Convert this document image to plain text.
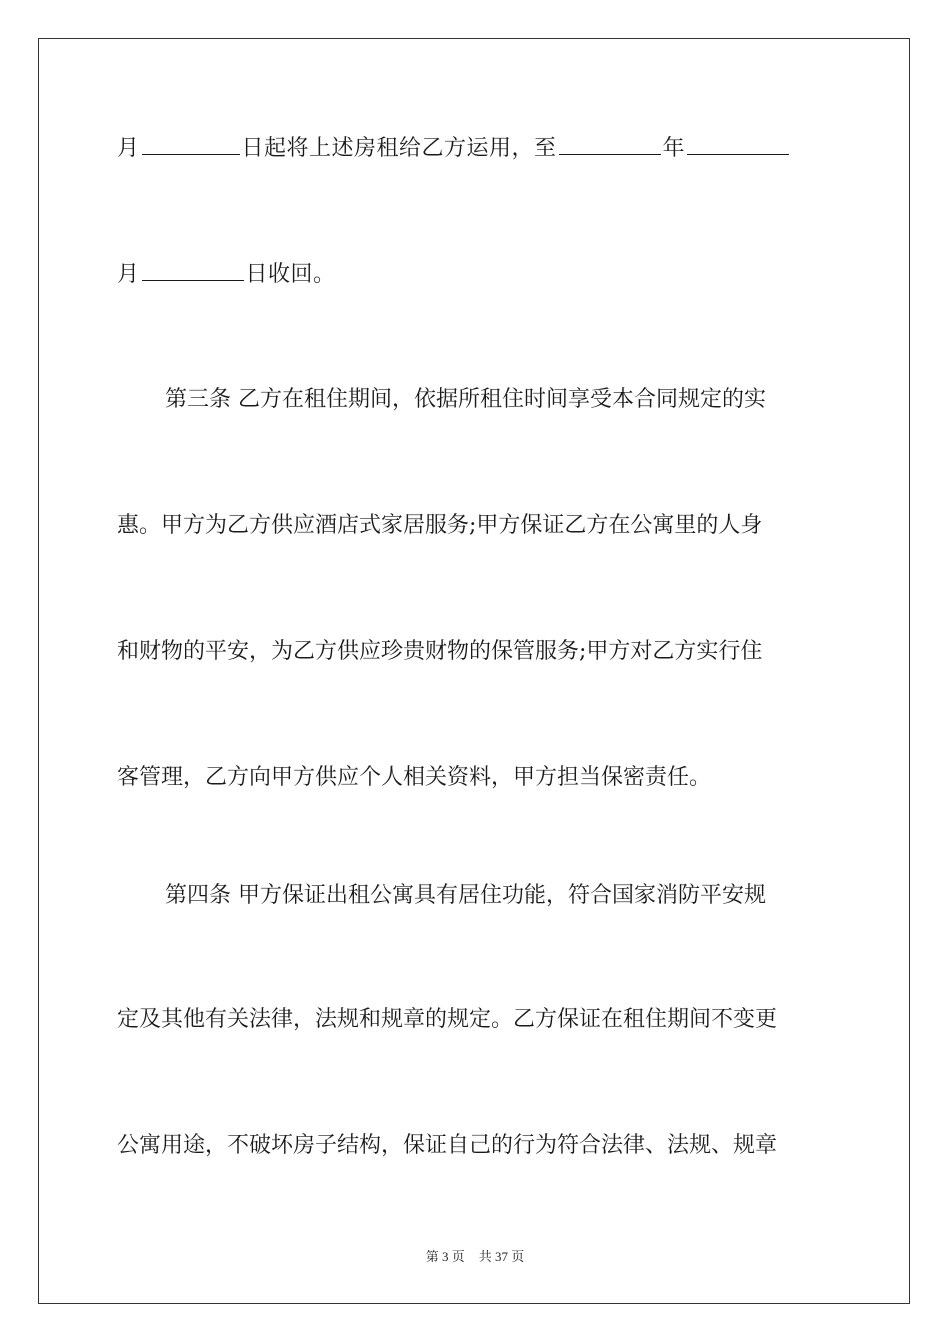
月	日起将上述房租给乙方运用，至	年
月	日收回。
第三条 乙方在租住期间，依据所租住时间享受本合同规定的实
惠。甲方为乙方供应酒店式家居服务;甲方保证乙方在公寓里的人身
和财物的平安，为乙方供应珍贵财物的保管服务;甲方对乙方实行住
客管理，乙方向甲方供应个人相关资料，甲方担当保密责任。
第四条 甲方保证出租公寓具有居住功能，符合国家消防平安规
定及其他有关法律，法规和规章的规定。乙方保证在租住期间不变更
公寓用途，不破坏房子结构，保证自己的行为符合法律、法规、规章
第 3 页 共 37 页
